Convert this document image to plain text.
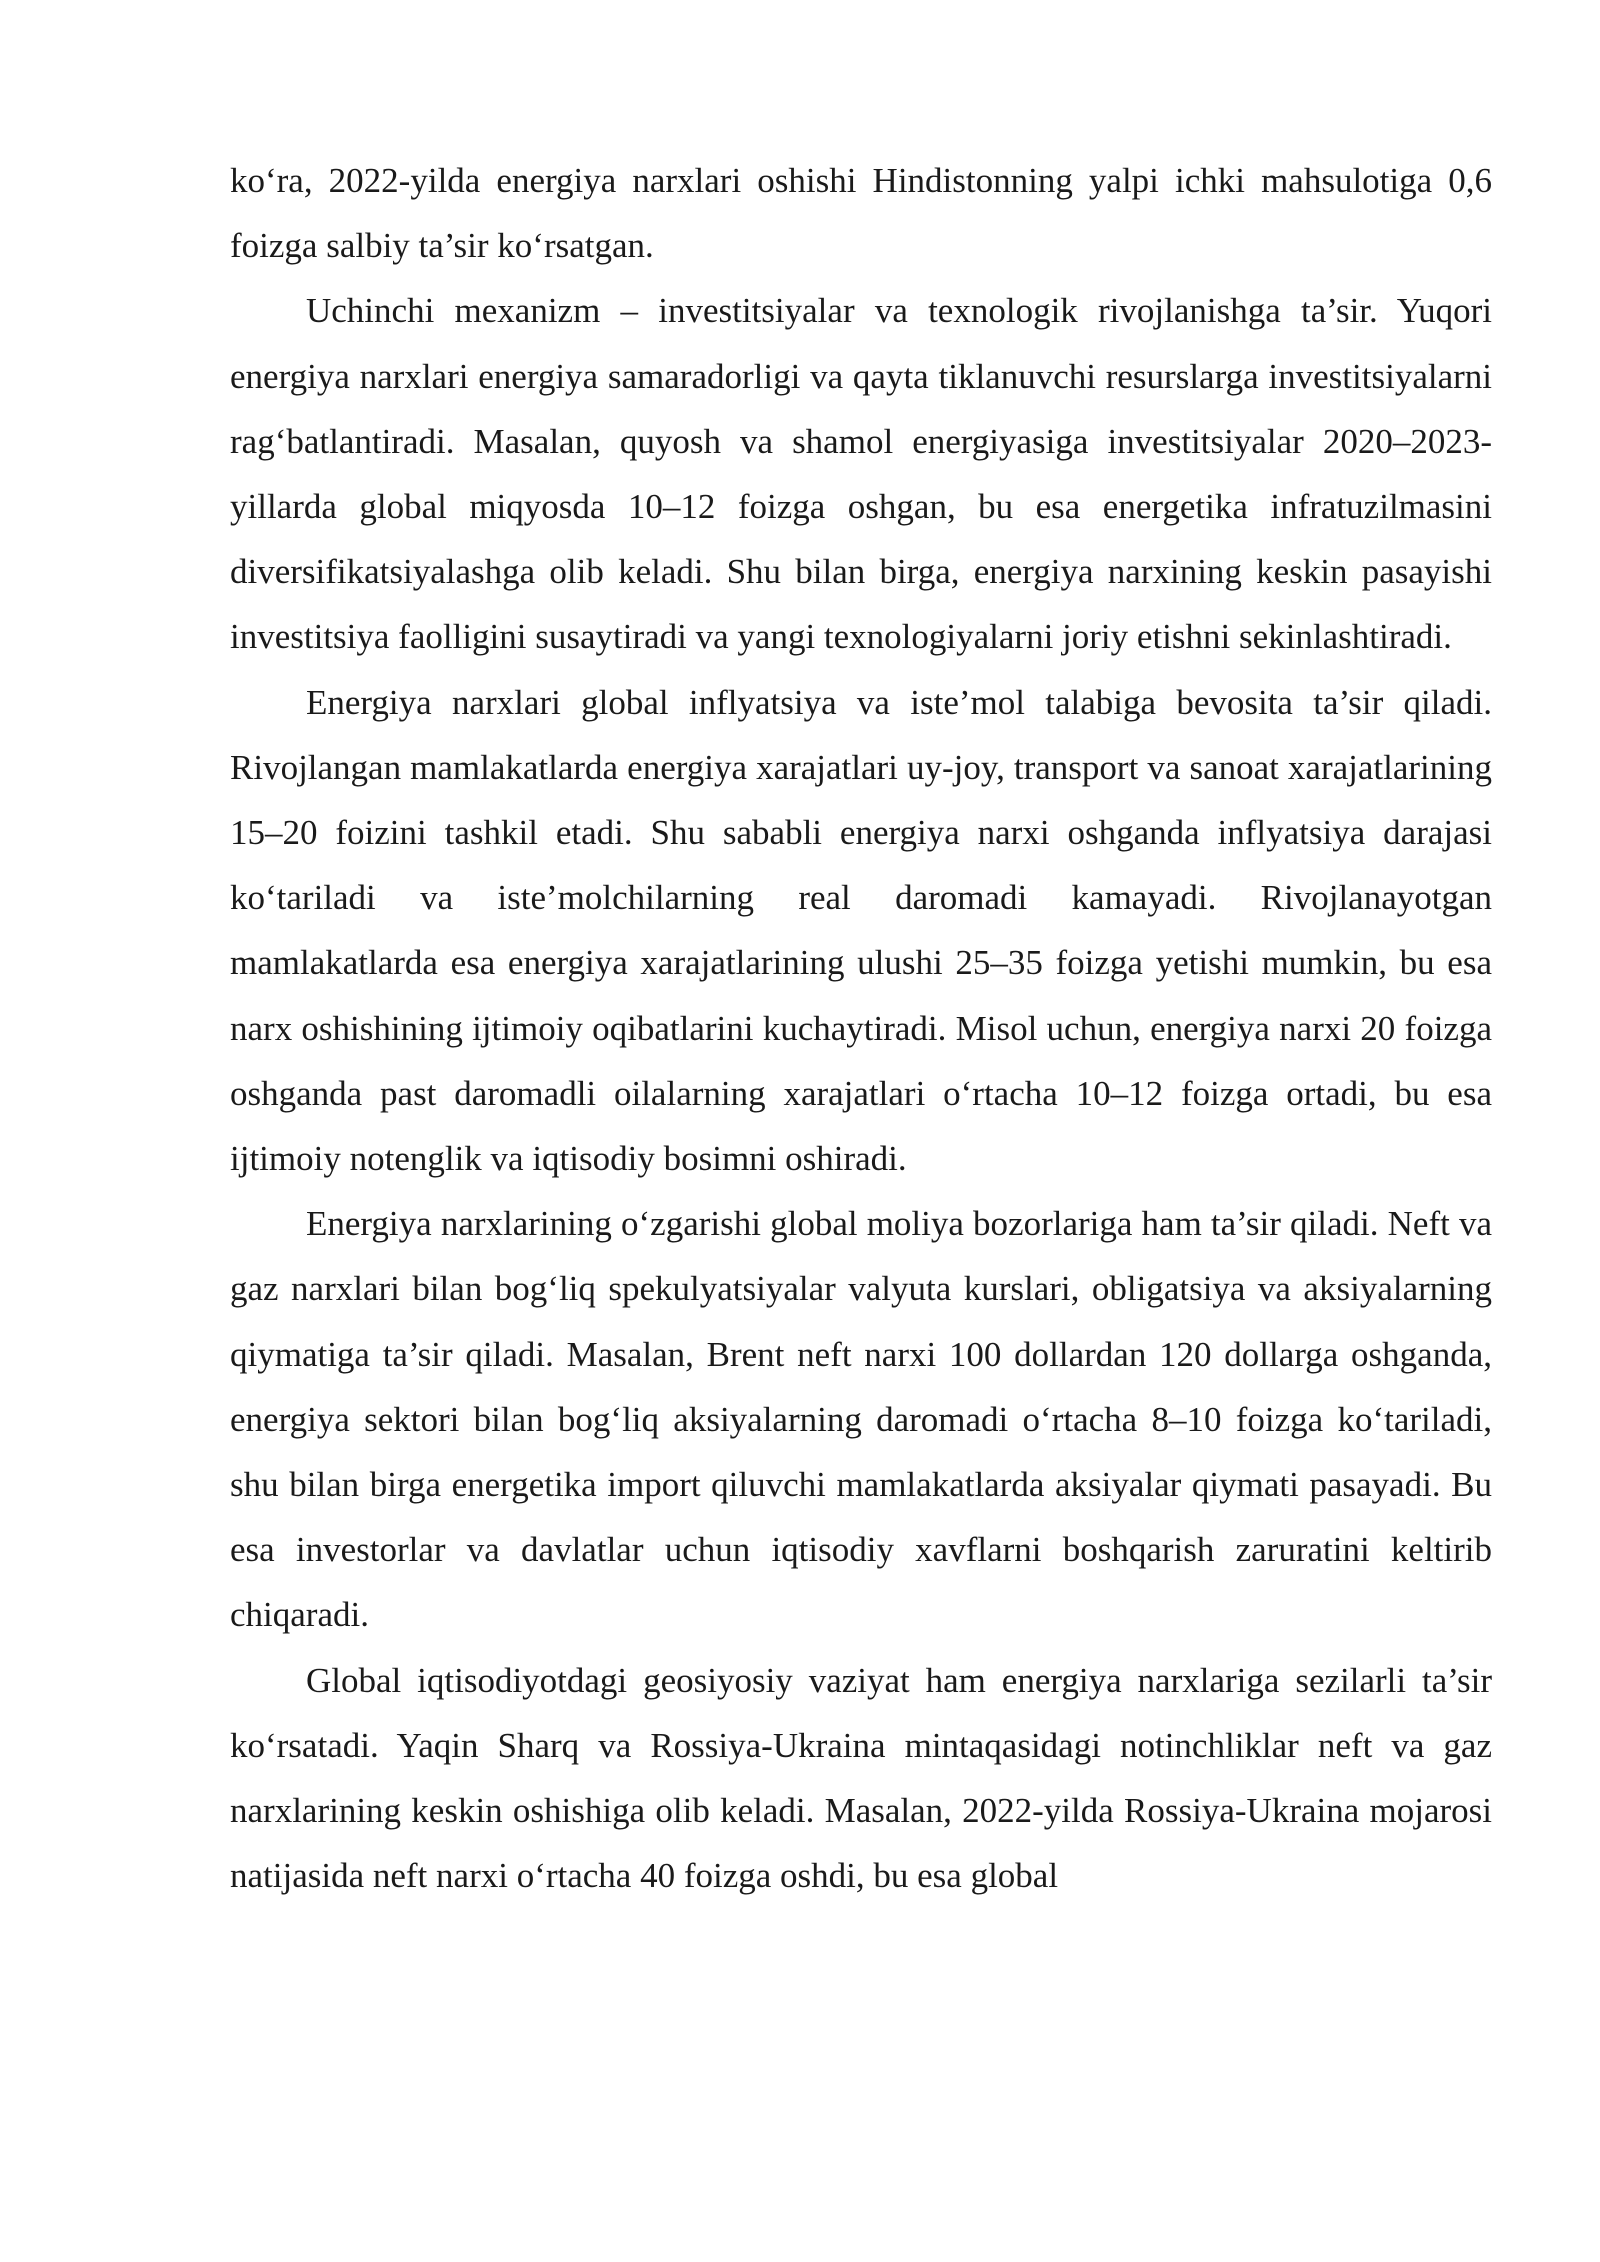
ko‘ra, 2022-yilda energiya narxlari oshishi Hindistonning yalpi ichki mahsulotiga 0,6 foizga salbiy ta’sir ko‘rsatgan.

Uchinchi mexanizm – investitsiyalar va texnologik rivojlanishga ta’sir. Yuqori energiya narxlari energiya samaradorligi va qayta tiklanuvchi resurslarga investitsiyalarni rag‘batlantiradi. Masalan, quyosh va shamol energiyasiga investitsiyalar 2020–2023-yillarda global miqyosda 10–12 foizga oshgan, bu esa energetika infratuzilmasini diversifikatsiyalashga olib keladi. Shu bilan birga, energiya narxining keskin pasayishi investitsiya faolligini susaytiradi va yangi texnologiyalarni joriy etishni sekinlashtiradi.

Energiya narxlari global inflyatsiya va iste’mol talabiga bevosita ta’sir qiladi. Rivojlangan mamlakatlarda energiya xarajatlari uy-joy, transport va sanoat xarajatlarining 15–20 foizini tashkil etadi. Shu sababli energiya narxi oshganda inflyatsiya darajasi ko‘tariladi va iste’molchilarning real daromadi kamayadi. Rivojlanayotgan mamlakatlarda esa energiya xarajatlarining ulushi 25–35 foizga yetishi mumkin, bu esa narx oshishining ijtimoiy oqibatlarini kuchaytiradi. Misol uchun, energiya narxi 20 foizga oshganda past daromadli oilalarning xarajatlari o‘rtacha 10–12 foizga ortadi, bu esa ijtimoiy notenglik va iqtisodiy bosimni oshiradi.

Energiya narxlarining o‘zgarishi global moliya bozorlariga ham ta’sir qiladi. Neft va gaz narxlari bilan bog‘liq spekulyatsiyalar valyuta kurslari, obligatsiya va aksiyalarning qiymatiga ta’sir qiladi. Masalan, Brent neft narxi 100 dollardan 120 dollarga oshganda, energiya sektori bilan bog‘liq aksiyalarning daromadi o‘rtacha 8–10 foizga ko‘tariladi, shu bilan birga energetika import qiluvchi mamlakatlarda aksiyalar qiymati pasayadi. Bu esa investorlar va davlatlar uchun iqtisodiy xavflarni boshqarish zaruratini keltirib chiqaradi.

Global iqtisodiyotdagi geosiyosiy vaziyat ham energiya narxlariga sezilarli ta’sir ko‘rsatadi. Yaqin Sharq va Rossiya-Ukraina mintaqasidagi notinchliklar neft va gaz narxlarining keskin oshishiga olib keladi. Masalan, 2022-yilda Rossiya-Ukraina mojarosi natijasida neft narxi o‘rtacha 40 foizga oshdi, bu esa global
